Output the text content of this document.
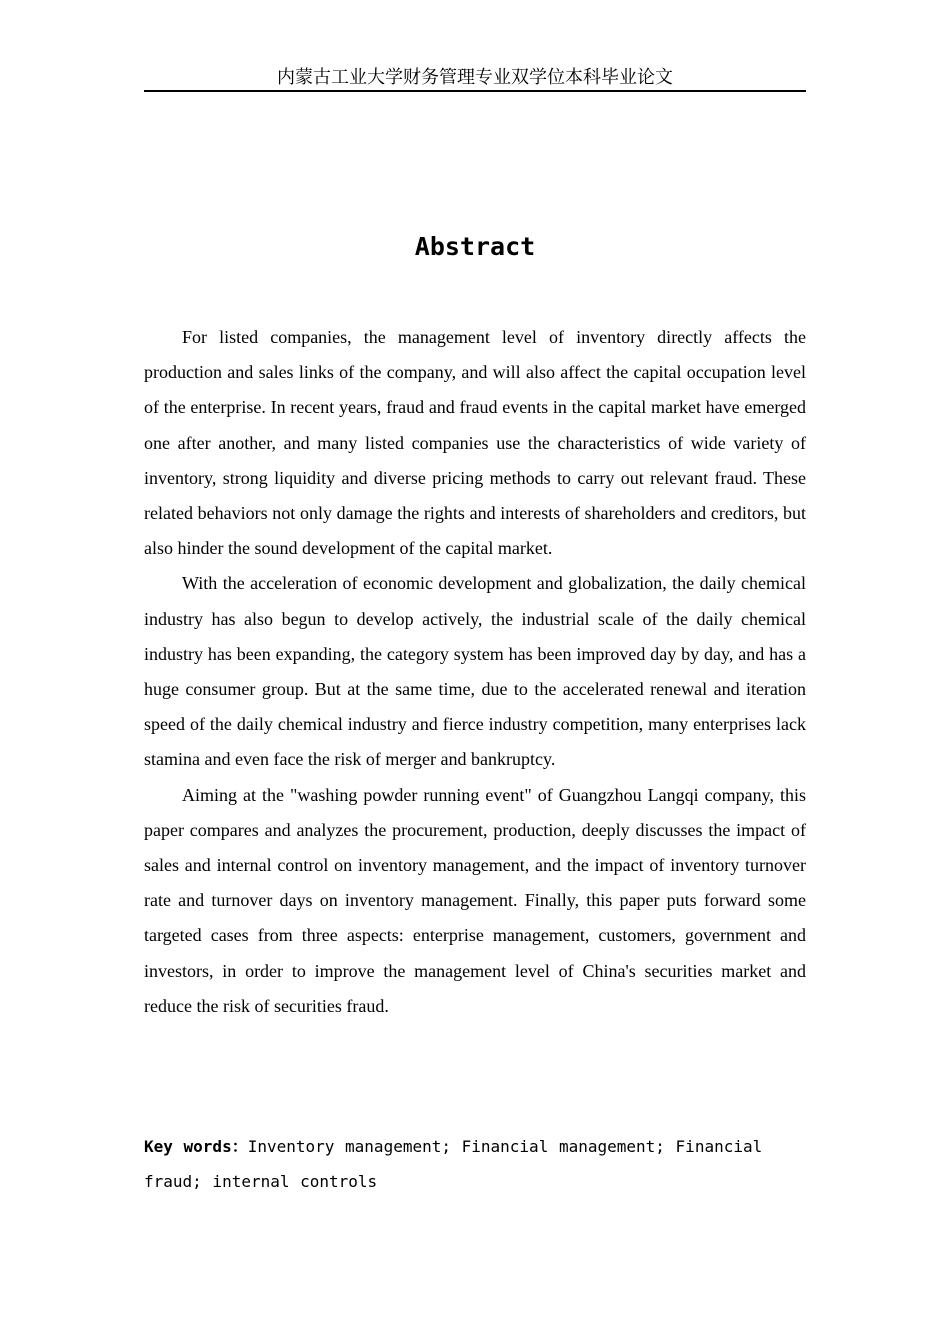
内蒙古工业大学财务管理专业双学位本科毕业论文
Abstract

For listed companies, the management level of inventory directly affects the production and sales links of the company, and will also affect the capital occupation level of the enterprise. In recent years, fraud and fraud events in the capital market have emerged one after another, and many listed companies use the characteristics of wide variety of inventory, strong liquidity and diverse pricing methods to carry out relevant fraud. These related behaviors not only damage the rights and interests of shareholders and creditors, but also hinder the sound development of the capital market.

With the acceleration of economic development and globalization, the daily chemical industry has also begun to develop actively, the industrial scale of the daily chemical industry has been expanding, the category system has been improved day by day, and has a huge consumer group. But at the same time, due to the accelerated renewal and iteration speed of the daily chemical industry and fierce industry competition, many enterprises lack stamina and even face the risk of merger and bankruptcy.

Aiming at the "washing powder running event" of Guangzhou Langqi company, this paper compares and analyzes the procurement, production, deeply discusses the impact of sales and internal control on inventory management, and the impact of inventory turnover rate and turnover days on inventory management. Finally, this paper puts forward some targeted cases from three aspects: enterprise management, customers, government and investors, in order to improve the management level of China's securities market and reduce the risk of securities fraud.

Key words：Inventory management; Financial management; Financial fraud; internal controls
